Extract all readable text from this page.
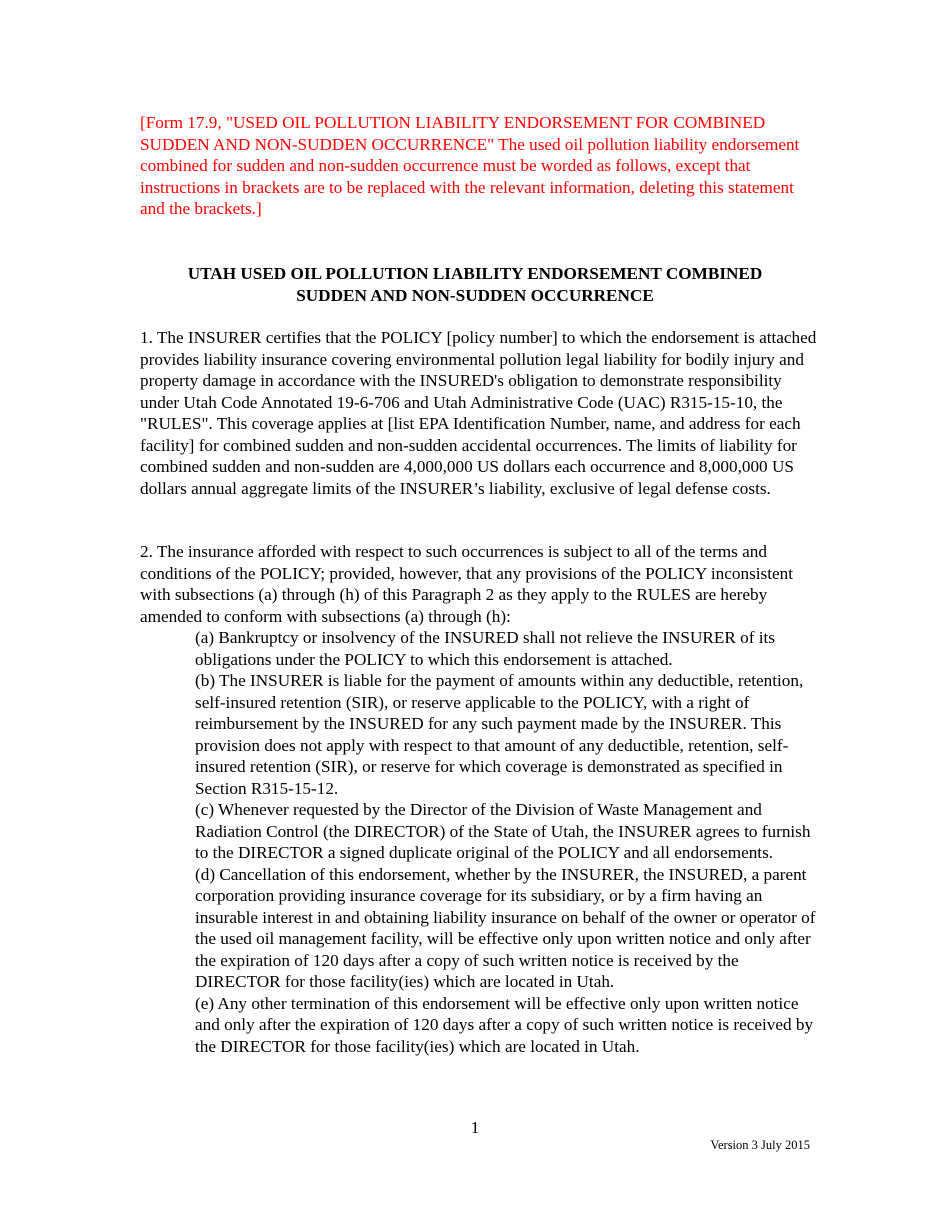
[Form 17.9, "USED OIL POLLUTION LIABILITY ENDORSEMENT FOR COMBINED SUDDEN AND NON-SUDDEN OCCURRENCE" The used oil pollution liability endorsement combined for sudden and non-sudden occurrence must be worded as follows, except that instructions in brackets are to be replaced with the relevant information, deleting this statement and the brackets.]

UTAH USED OIL POLLUTION LIABILITY ENDORSEMENT COMBINED
SUDDEN AND NON-SUDDEN OCCURRENCE

1. The INSURER certifies that the POLICY [policy number] to which the endorsement is attached provides liability insurance covering environmental pollution legal liability for bodily injury and property damage in accordance with the INSURED's obligation to demonstrate responsibility under Utah Code Annotated 19-6-706 and Utah Administrative Code (UAC) R315-15-10, the "RULES". This coverage applies at [list EPA Identification Number, name, and address for each facility] for combined sudden and non-sudden accidental occurrences. The limits of liability for combined sudden and non-sudden are 4,000,000 US dollars each occurrence and 8,000,000 US dollars annual aggregate limits of the INSURER’s liability, exclusive of legal defense costs.

2. The insurance afforded with respect to such occurrences is subject to all of the terms and conditions of the POLICY; provided, however, that any provisions of the POLICY inconsistent with subsections (a) through (h) of this Paragraph 2 as they apply to the RULES are hereby amended to conform with subsections (a) through (h):

(a) Bankruptcy or insolvency of the INSURED shall not relieve the INSURER of its obligations under the POLICY to which this endorsement is attached.

(b) The INSURER is liable for the payment of amounts within any deductible, retention, self-insured retention (SIR), or reserve applicable to the POLICY, with a right of reimbursement by the INSURED for any such payment made by the INSURER. This provision does not apply with respect to that amount of any deductible, retention, self-insured retention (SIR), or reserve for which coverage is demonstrated as specified in Section R315-15-12.

(c) Whenever requested by the Director of the Division of Waste Management and Radiation Control (the DIRECTOR) of the State of Utah, the INSURER agrees to furnish to the DIRECTOR a signed duplicate original of the POLICY and all endorsements.

(d) Cancellation of this endorsement, whether by the INSURER, the INSURED, a parent corporation providing insurance coverage for its subsidiary, or by a firm having an insurable interest in and obtaining liability insurance on behalf of the owner or operator of the used oil management facility, will be effective only upon written notice and only after the expiration of 120 days after a copy of such written notice is received by the DIRECTOR for those facility(ies) which are located in Utah.

(e) Any other termination of this endorsement will be effective only upon written notice and only after the expiration of 120 days after a copy of such written notice is received by the DIRECTOR for those facility(ies) which are located in Utah.

1
Version 3 July 2015
